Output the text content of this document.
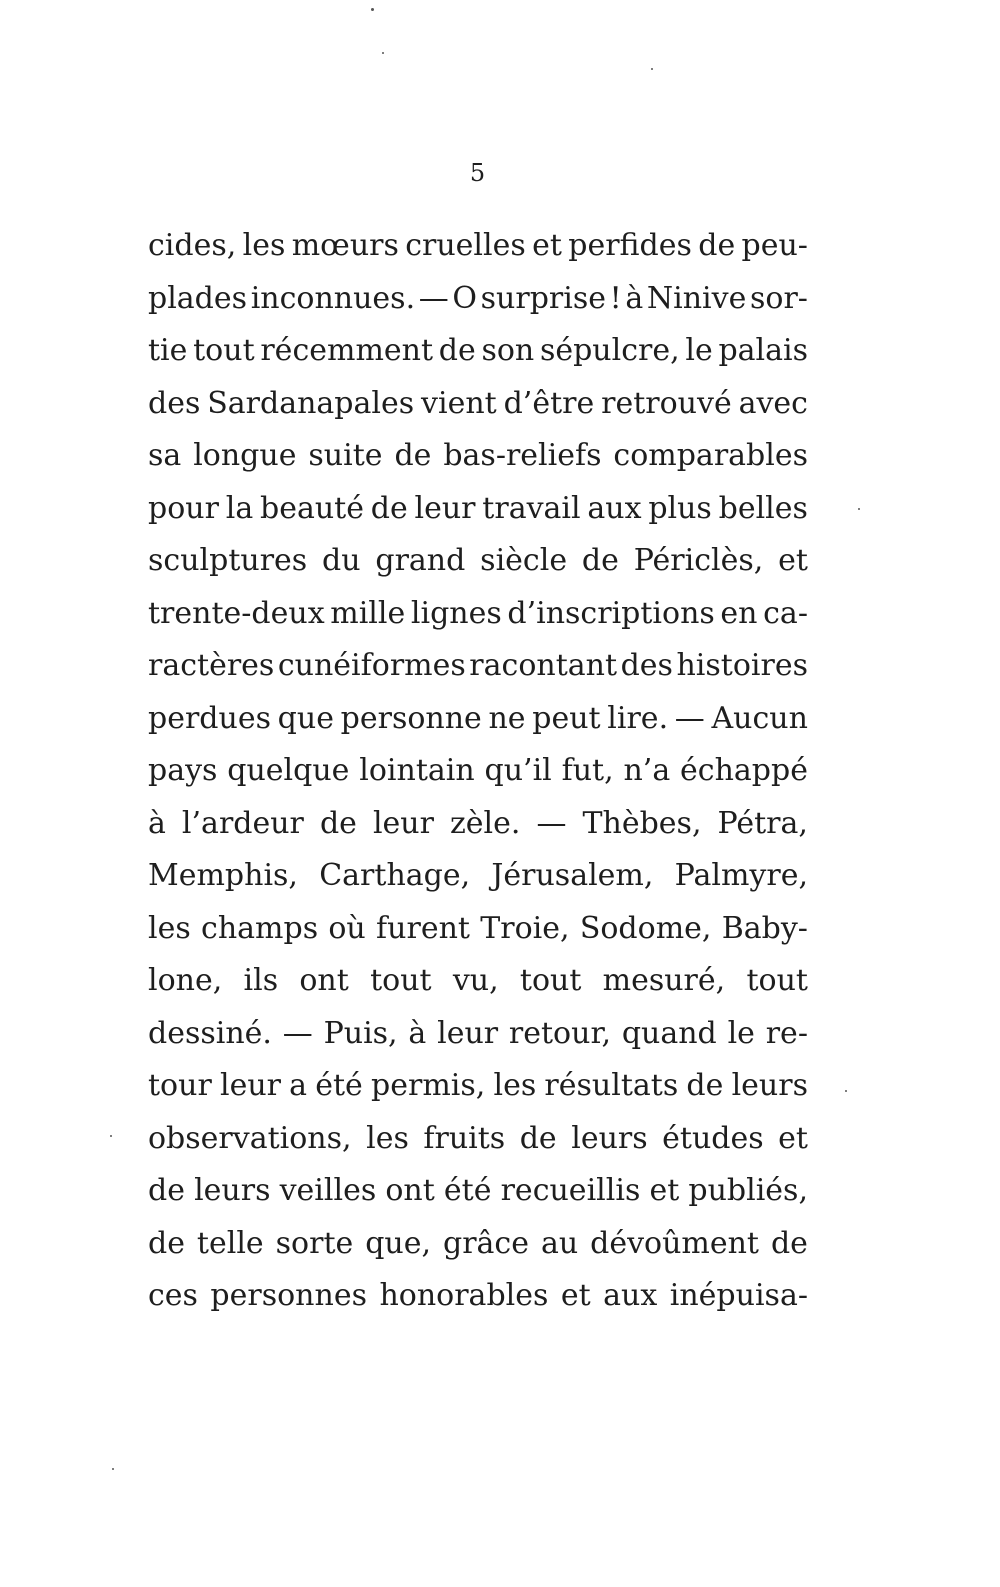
5
cides, les mœurs cruelles et perfides de peu-
plades inconnues. — O surprise ! à Ninive sor-
tie tout récemment de son sépulcre, le palais
des Sardanapales vient d’être retrouvé avec
sa longue suite de bas-reliefs comparables
pour la beauté de leur travail aux plus belles
sculptures du grand siècle de Périclès, et
trente-deux mille lignes d’inscriptions en ca-
ractères cunéiformes racontant des histoires
perdues que personne ne peut lire. — Aucun
pays quelque lointain qu’il fut, n’a échappé
à l’ardeur de leur zèle. — Thèbes, Pétra,
Memphis, Carthage, Jérusalem, Palmyre,
les champs où furent Troie, Sodome, Baby-
lone, ils ont tout vu, tout mesuré, tout
dessiné. — Puis, à leur retour, quand le re-
tour leur a été permis, les résultats de leurs
observations, les fruits de leurs études et
de leurs veilles ont été recueillis et publiés,
de telle sorte que, grâce au dévoûment de
ces personnes honorables et aux inépuisa-
